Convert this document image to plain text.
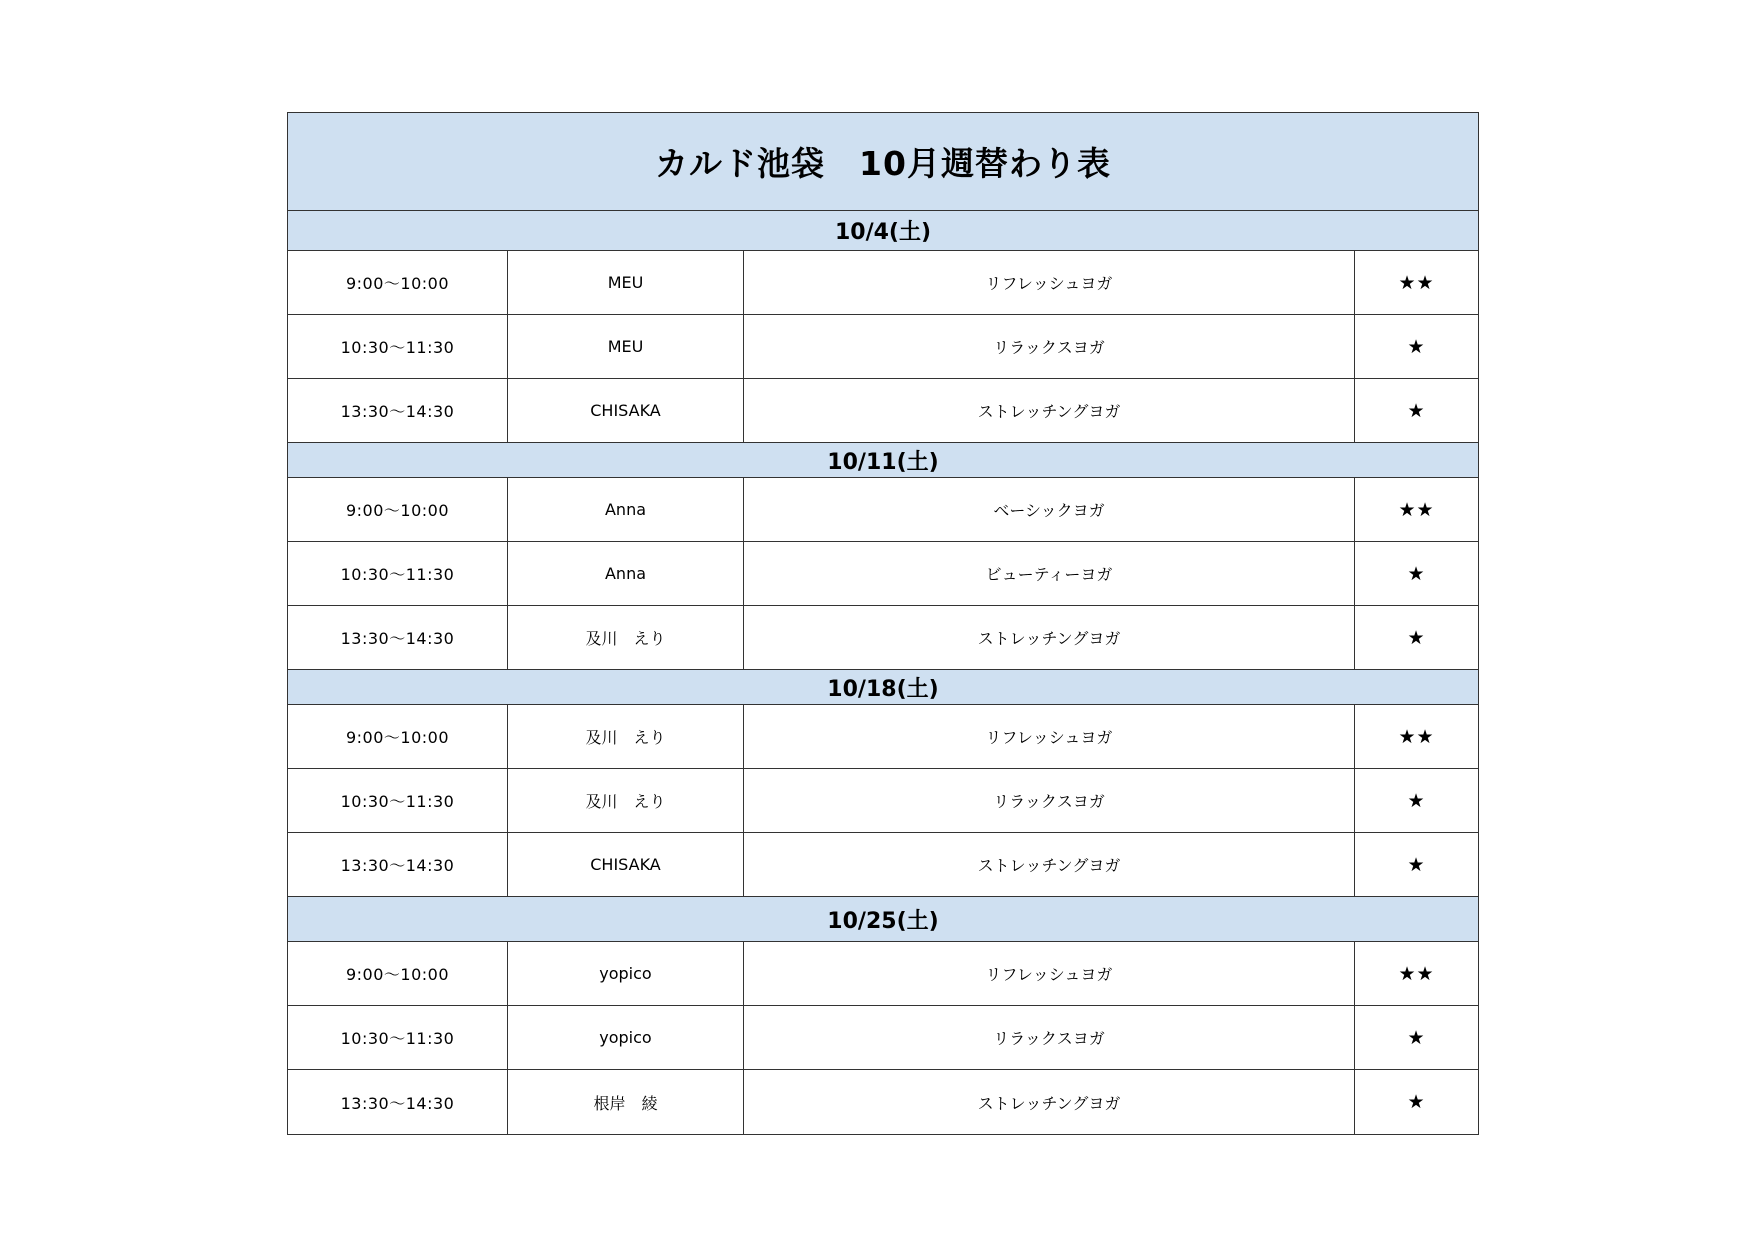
カルド池袋　10月週替わり表
10/4(土)
9:00～10:00	MEU	リフレッシュヨガ	★★
10:30～11:30	MEU	リラックスヨガ	★
13:30～14:30	CHISAKA	ストレッチングヨガ	★
10/11(土)
9:00～10:00	Anna	ベーシックヨガ	★★
10:30～11:30	Anna	ビューティーヨガ	★
13:30～14:30	及川　えり	ストレッチングヨガ	★
10/18(土)
9:00～10:00	及川　えり	リフレッシュヨガ	★★
10:30～11:30	及川　えり	リラックスヨガ	★
13:30～14:30	CHISAKA	ストレッチングヨガ	★
10/25(土)
9:00～10:00	yopico	リフレッシュヨガ	★★
10:30～11:30	yopico	リラックスヨガ	★
13:30～14:30	根岸　綾	ストレッチングヨガ	★
